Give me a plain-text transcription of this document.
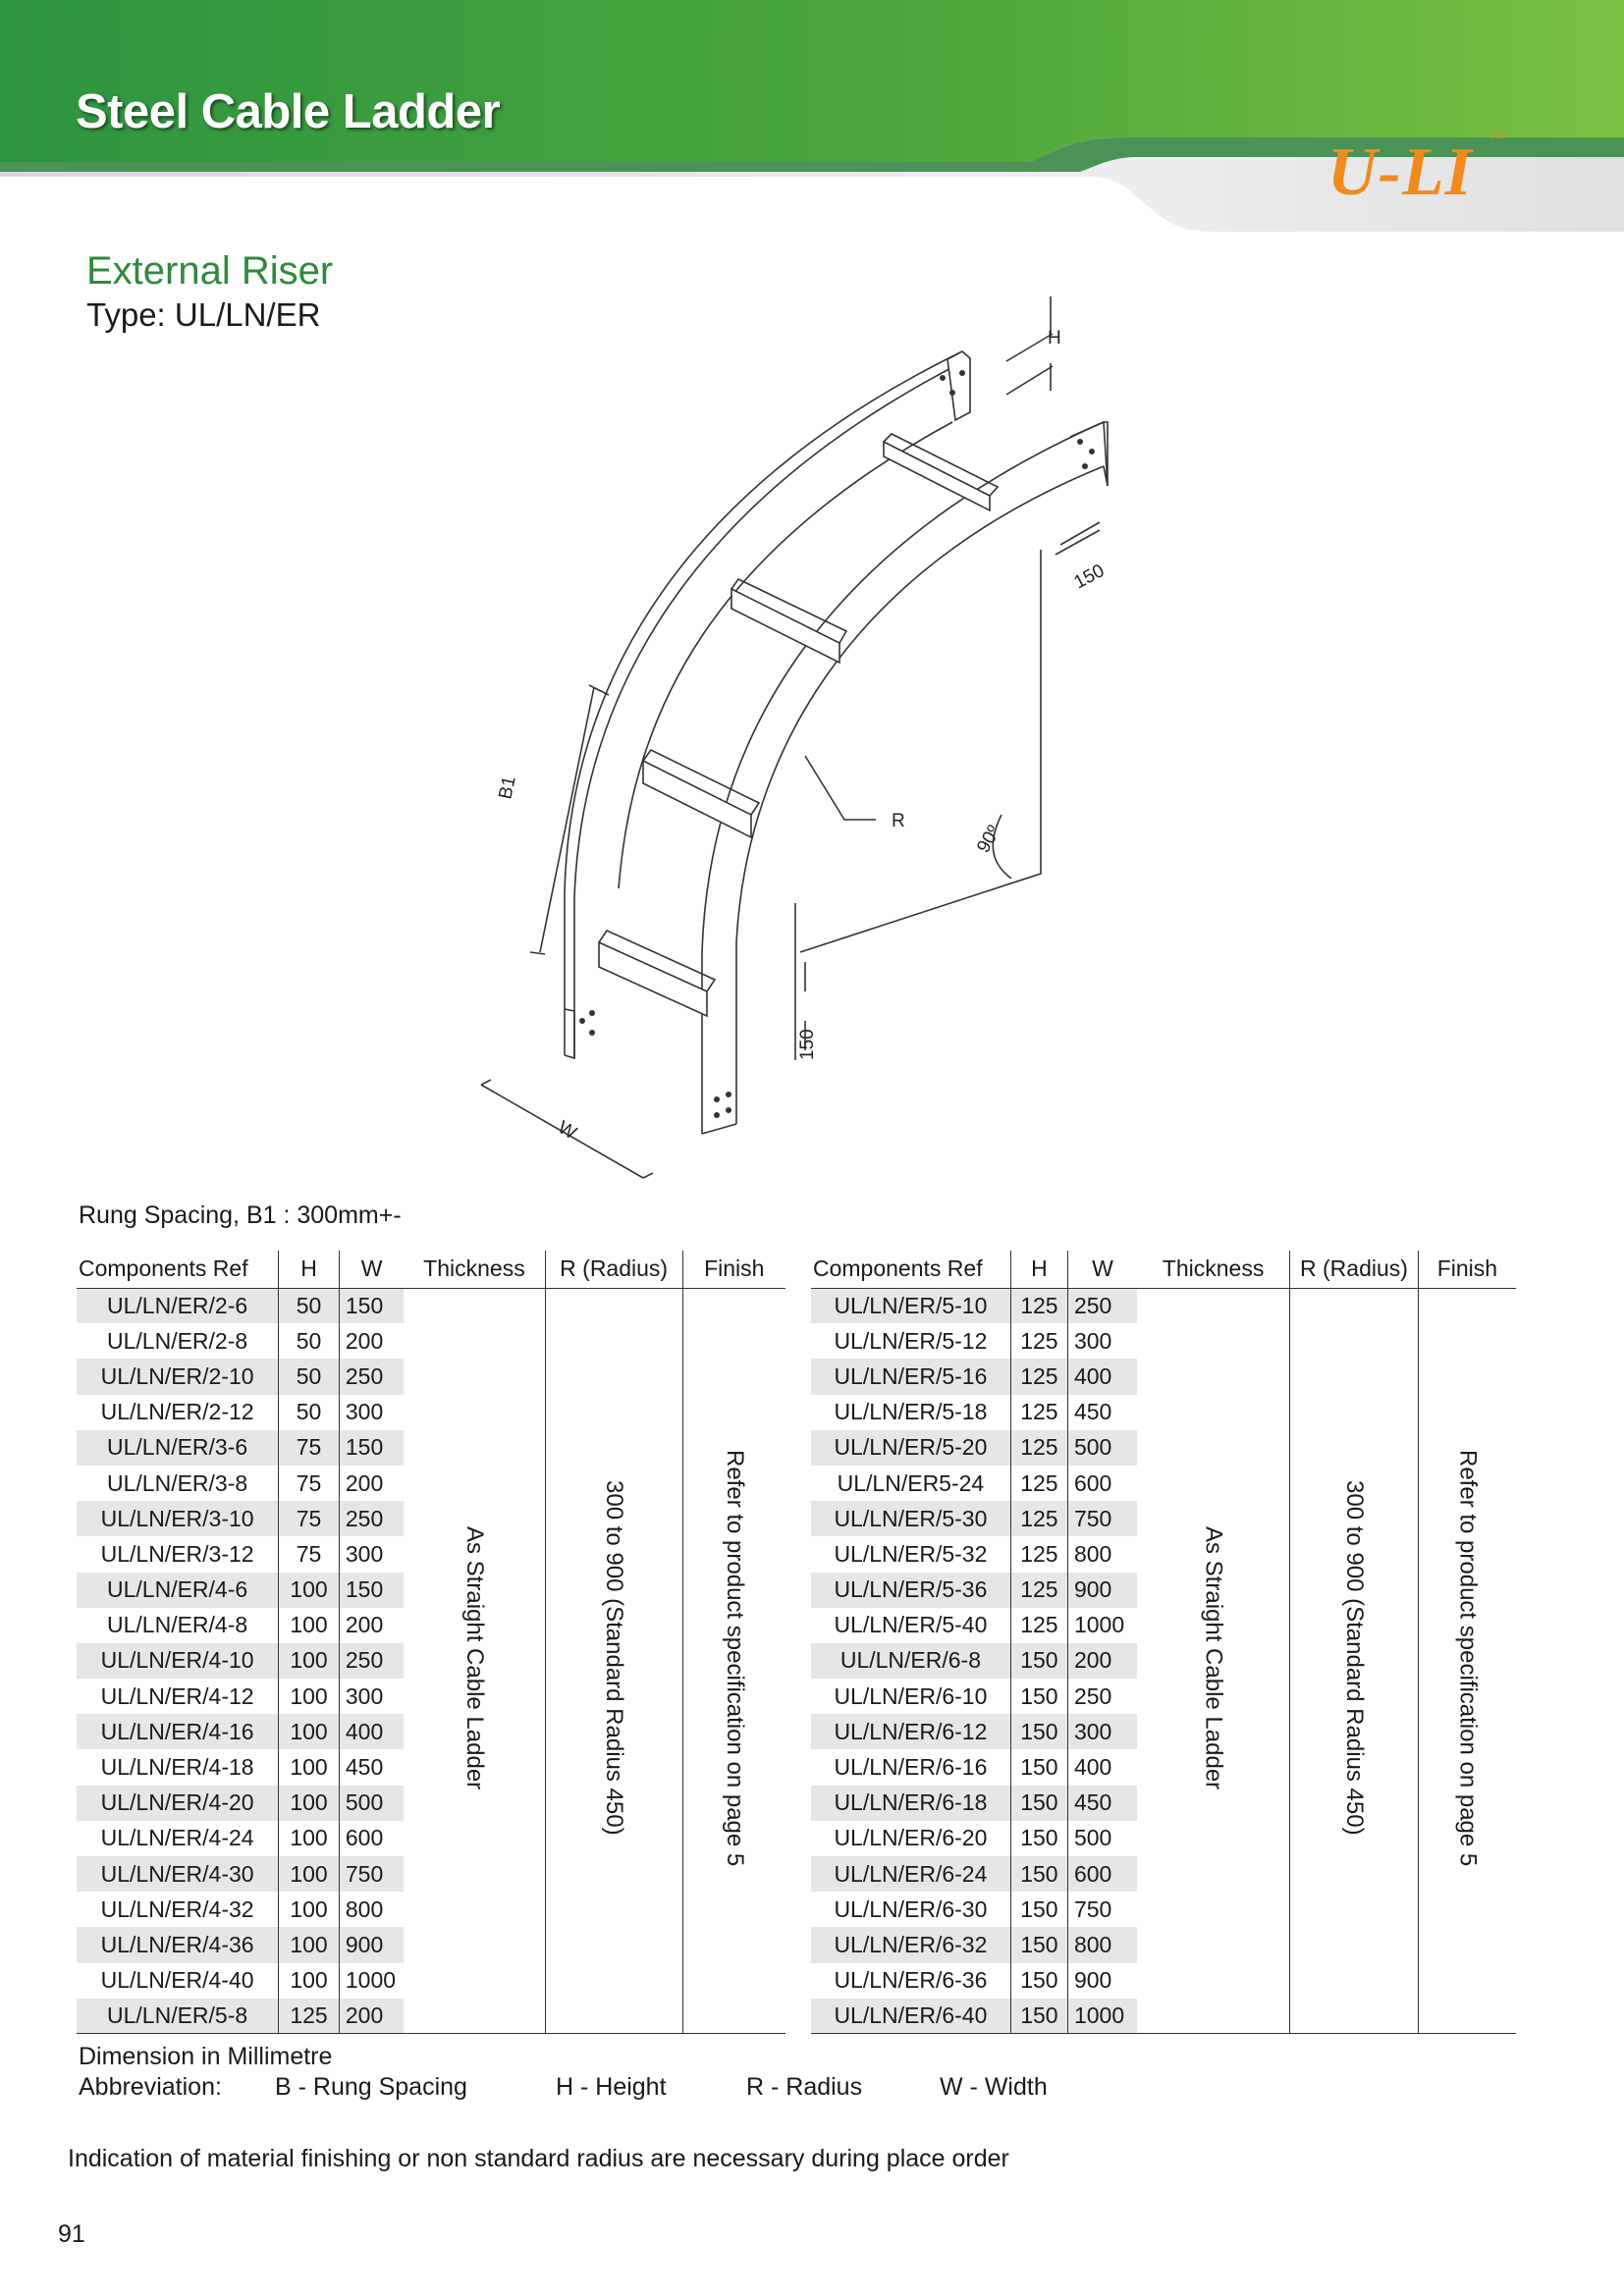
Steel Cable Ladder
U-LI TM
External Riser
Type: UL/LN/ER
H
150
B1
R
90º
150
W
Rung Spacing, B1 : 300mm+-
Components Ref	H	W	Thickness	R (Radius)	Finish
UL/LN/ER/2-6	50	150	As Straight Cable Ladder	300 to 900 (Standard Radius 450)	Refer to product specification on page 5
UL/LN/ER/2-8	50	200			
UL/LN/ER/2-10	50	250			
UL/LN/ER/2-12	50	300			
UL/LN/ER/3-6	75	150			
UL/LN/ER/3-8	75	200			
UL/LN/ER/3-10	75	250			
UL/LN/ER/3-12	75	300			
UL/LN/ER/4-6	100	150			
UL/LN/ER/4-8	100	200			
UL/LN/ER/4-10	100	250			
UL/LN/ER/4-12	100	300			
UL/LN/ER/4-16	100	400			
UL/LN/ER/4-18	100	450			
UL/LN/ER/4-20	100	500			
UL/LN/ER/4-24	100	600			
UL/LN/ER/4-30	100	750			
UL/LN/ER/4-32	100	800			
UL/LN/ER/4-36	100	900			
UL/LN/ER/4-40	100	1000			
UL/LN/ER/5-8	125	200			
Components Ref	H	W	Thickness	R (Radius)	Finish
UL/LN/ER/5-10	125	250	As Straight Cable Ladder	300 to 900 (Standard Radius 450)	Refer to product specification on page 5
UL/LN/ER/5-12	125	300			
UL/LN/ER/5-16	125	400			
UL/LN/ER/5-18	125	450			
UL/LN/ER/5-20	125	500			
UL/LN/ER5-24	125	600			
UL/LN/ER/5-30	125	750			
UL/LN/ER/5-32	125	800			
UL/LN/ER/5-36	125	900			
UL/LN/ER/5-40	125	1000			
UL/LN/ER/6-8	150	200			
UL/LN/ER/6-10	150	250			
UL/LN/ER/6-12	150	300			
UL/LN/ER/6-16	150	400			
UL/LN/ER/6-18	150	450			
UL/LN/ER/6-20	150	500			
UL/LN/ER/6-24	150	600			
UL/LN/ER/6-30	150	750			
UL/LN/ER/6-32	150	800			
UL/LN/ER/6-36	150	900			
UL/LN/ER/6-40	150	1000			
Dimension in Millimetre
Abbreviation: B - Rung Spacing	H - Height	R - Radius	W - Width
Indication of material finishing or non standard radius are necessary during place order
91
